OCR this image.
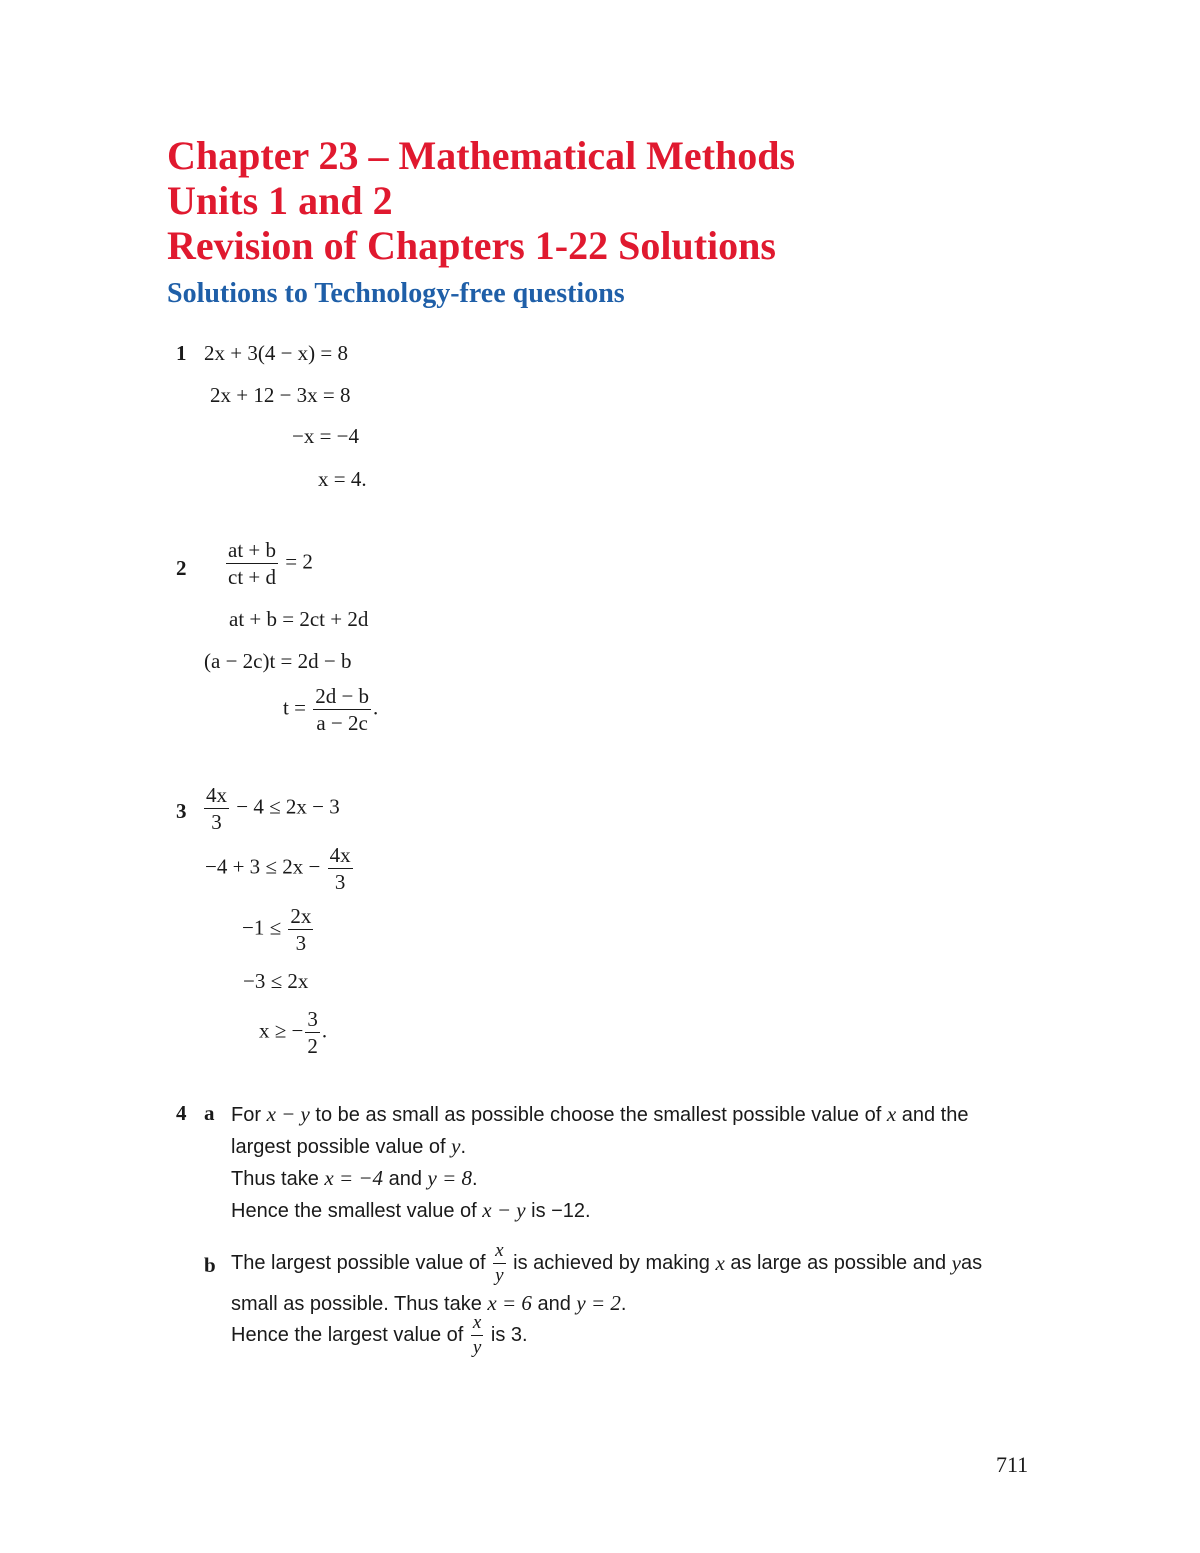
Chapter 23 – Mathematical Methods
Units 1 and 2
Revision of Chapters 1-22 Solutions
Solutions to Technology-free questions
1 2x + 3(4 − x) = 8
2x + 12 − 3x = 8
−x = −4
x = 4.
$2 \frac{at + b}{ct + d} = 2$
at + b = 2ct + 2d
(a − 2c)t = 2d − b
$t = \frac{2d - b}{a - 2c}$ .
$3 \frac{4x}{3} - 4 \le 2x - 3$
$-4 + 3 \le 2x - \frac{4x}{3}$
$-1 \le \frac{2x}{3}$
−3 ≤ 2x
x ≥ − $\frac{3}{2}$ .
4 a For x − y to be as small as possible choose the smallest possible value of x and the
largest possible value of y.
Thus take x = −4 and y = 8.
Hence the smallest value of x − y is −12.
b The largest possible value of $\frac{x}{y}$ is achieved by making x as large as possible and y as
small as possible. Thus take x = 6 and y = 2.
Hence the largest value of $\frac{x}{y}$ is 3.
711
